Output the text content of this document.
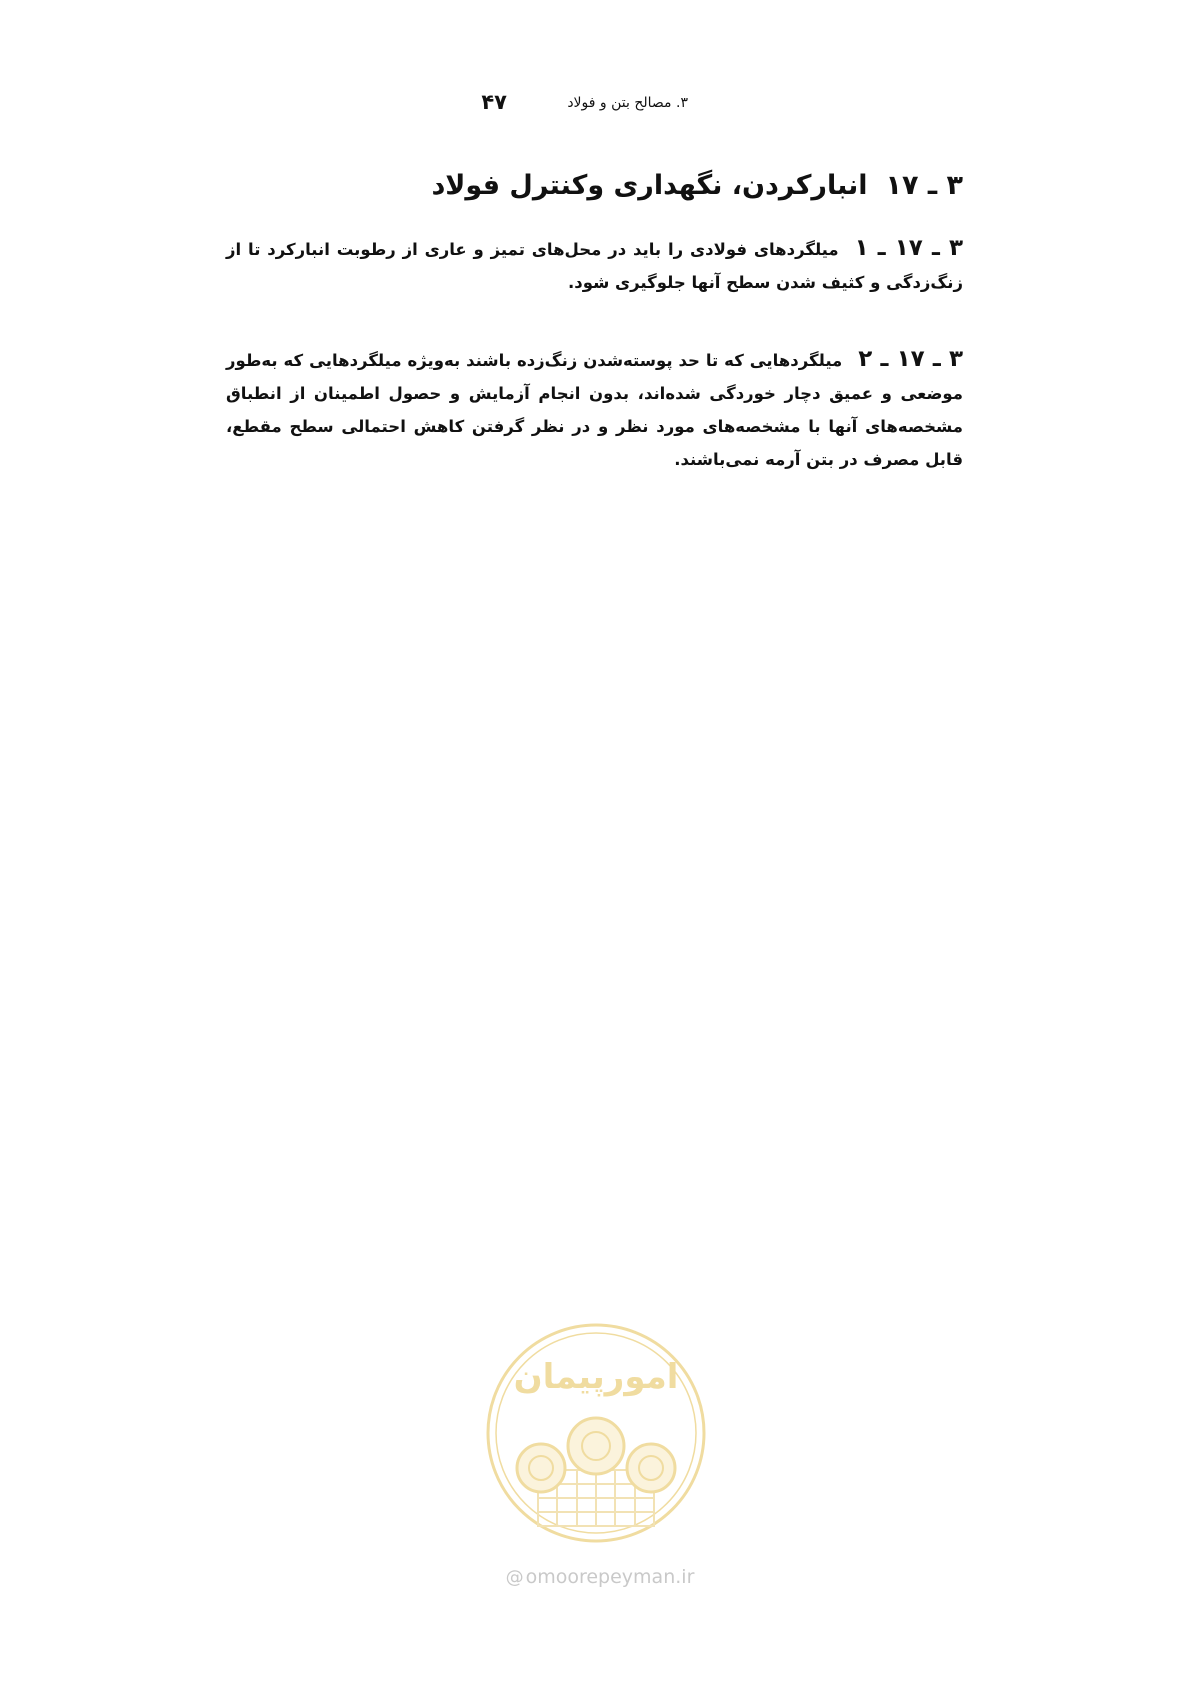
۳. مصالح بتن و فولاد
۴۷
۳ ـ ۱۷انبارکردن، نگهداری وکنترل فولاد

۳ ـ ۱۷ ـ ۱میلگردهای فولادی را باید در محل‌های تمیز و عاری از رطوبت انبارکرد تا از زنگ‌زدگی و کثیف شدن سطح آنها جلوگیری شود.

۳ ـ ۱۷ ـ ۲میلگردهایی که تا حد پوسته‌شدن زنگ‌زده باشند به‌ویژه میلگردهایی که به‌طور موضعی و عمیق دچار خوردگی شده‌اند، بدون انجام آزمایش و حصول اطمینان از انطباق مشخصه‌های آنها با مشخصه‌های مورد نظر و در نظر گرفتن کاهش احتمالی سطح مقطع، قابل مصرف در بتن آرمه نمی‌باشند.

امورپیمان
@ omoorepeyman.ir
